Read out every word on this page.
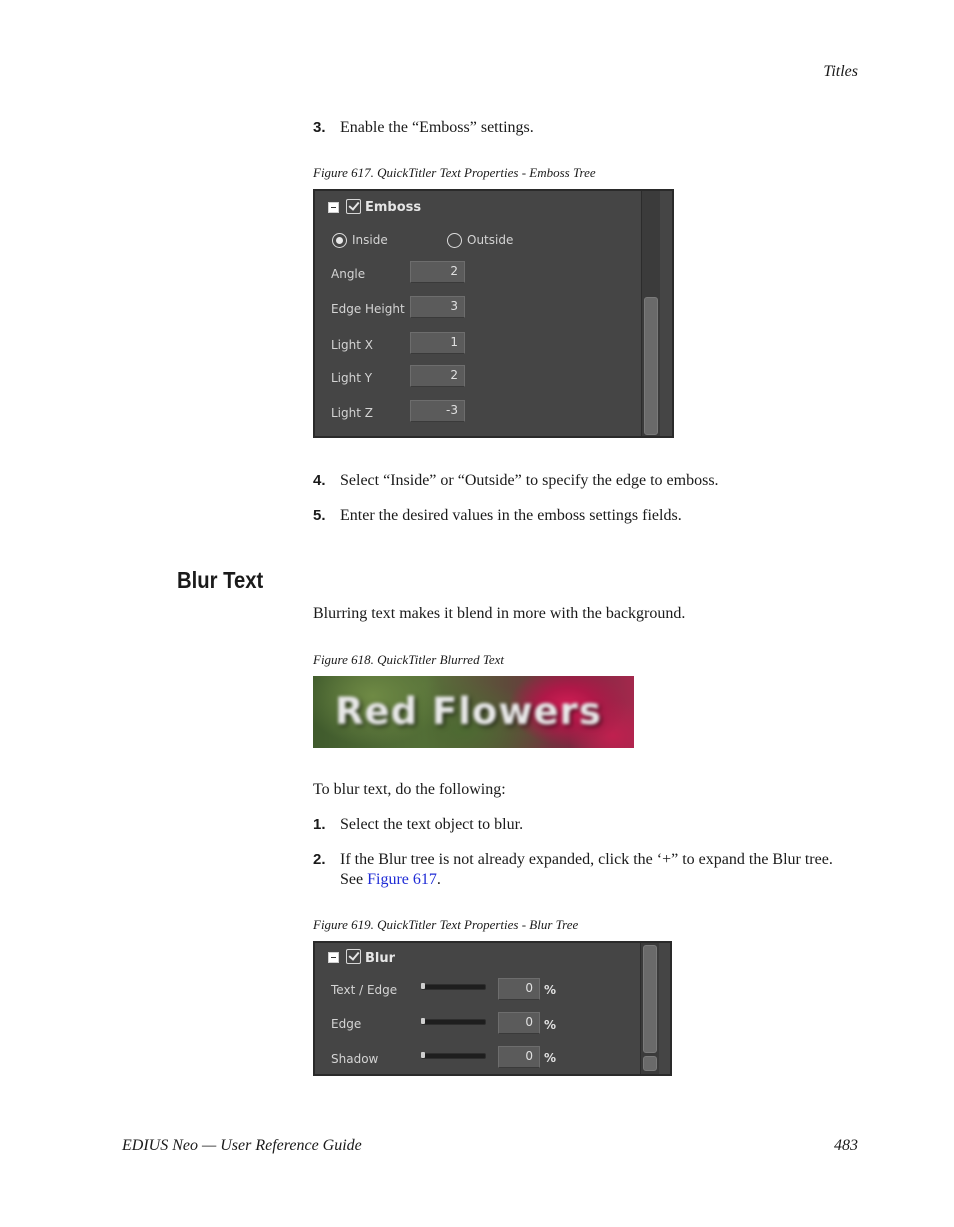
Titles
3. Enable the “Emboss” settings.
Figure 617. QuickTitler Text Properties - Emboss Tree
Emboss
Inside	Outside
Angle	2
Edge Height	3
Light X	1
Light Y	2
Light Z	-3
4. Select “Inside” or “Outside” to specify the edge to emboss.
5. Enter the desired values in the emboss settings fields.
Blur Text
Blurring text makes it blend in more with the background.
Figure 618. QuickTitler Blurred Text
Red Flowers
To blur text, do the following:
1. Select the text object to blur.
2. If the Blur tree is not already expanded, click the ‘+” to expand the Blur tree. See Figure 617.
Figure 619. QuickTitler Text Properties - Blur Tree
Blur
Text / Edge	0 %
Edge	0 %
Shadow	0 %
EDIUS Neo — User Reference Guide	483
